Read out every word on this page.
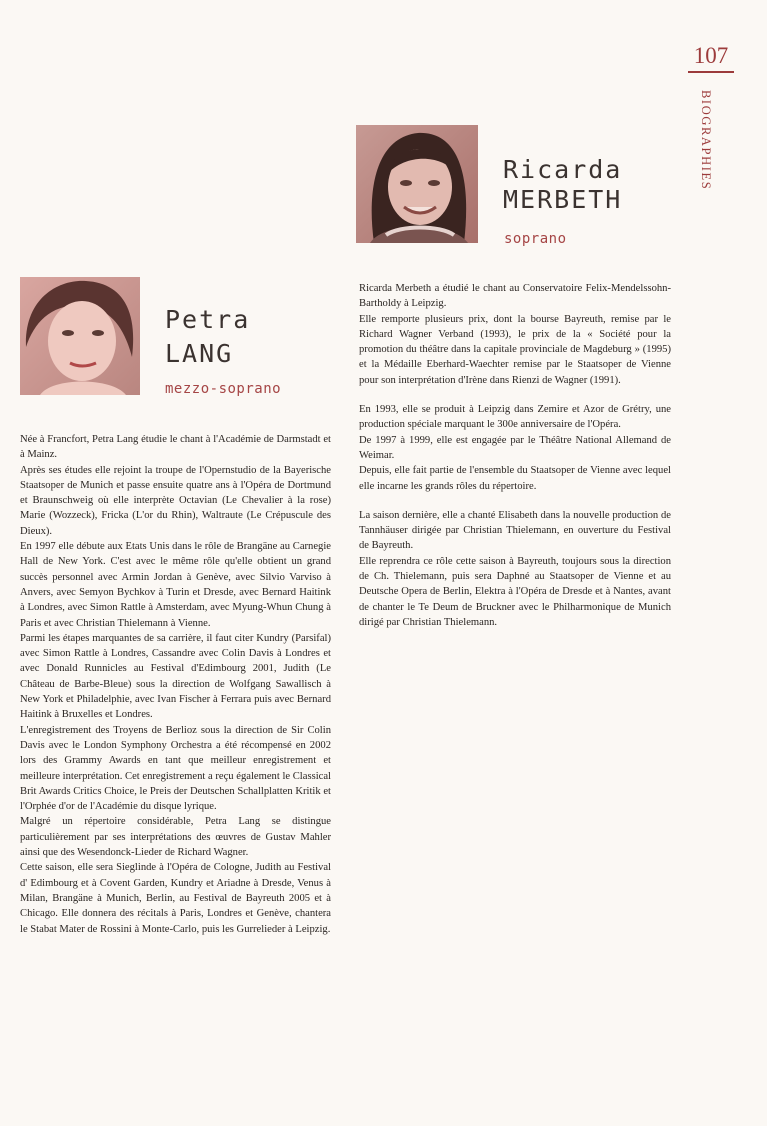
107
BIOGRAPHIES
Ricarda
MERBETH
soprano
Petra
LANG
mezzo-soprano

Ricarda Merbeth a étudié le chant au Conservatoire Felix-Mendelssohn-Bartholdy à Leipzig.

Elle remporte plusieurs prix, dont la bourse Bayreuth, remise par le Richard Wagner Verband (1993), le prix de la « Société pour la promotion du théâtre dans la capitale provinciale de Magdeburg » (1995) et la Médaille Eberhard-Waechter remise par le Staatsoper de Vienne pour son interprétation d'Irène dans Rienzi de Wagner (1991).

En 1993, elle se produit à Leipzig dans Zemire et Azor de Grétry, une production spéciale marquant le 300e anniversaire de l'Opéra.

De 1997 à 1999, elle est engagée par le Théâtre National Allemand de Weimar.

Depuis, elle fait partie de l'ensemble du Staatsoper de Vienne avec lequel elle incarne les grands rôles du répertoire.

La saison dernière, elle a chanté Elisabeth dans la nouvelle production de Tannhäuser dirigée par Christian Thielemann, en ouverture du Festival de Bayreuth.

Elle reprendra ce rôle cette saison à Bayreuth, toujours sous la direction de Ch. Thielemann, puis sera Daphné au Staatsoper de Vienne et au Deutsche Opera de Berlin, Elektra à l'Opéra de Dresde et à Nantes, avant de chanter le Te Deum de Bruckner avec le Philharmonique de Munich dirigé par Christian Thielemann.

Née à Francfort, Petra Lang étudie le chant à l'Académie de Darmstadt et à Mainz.

Après ses études elle rejoint la troupe de l'Opernstudio de la Bayerische Staatsoper de Munich et passe ensuite quatre ans à l'Opéra de Dortmund et Braunschweig où elle interprète Octavian (Le Chevalier à la rose) Marie (Wozzeck), Fricka (L'or du Rhin), Waltraute (Le Crépuscule des Dieux).

En 1997 elle débute aux Etats Unis dans le rôle de Brangäne au Carnegie Hall de New York. C'est avec le même rôle qu'elle obtient un grand succès personnel avec Armin Jordan à Genève, avec Silvio Varviso à Anvers, avec Semyon Bychkov à Turin et Dresde, avec Bernard Haitink à Londres, avec Simon Rattle à Amsterdam, avec Myung-Whun Chung à Paris et avec Christian Thielemann à Vienne.

Parmi les étapes marquantes de sa carrière, il faut citer Kundry (Parsifal) avec Simon Rattle à Londres, Cassandre avec Colin Davis à Londres et avec Donald Runnicles au Festival d'Edimbourg 2001, Judith (Le Château de Barbe-Bleue) sous la direction de Wolfgang Sawallisch à New York et Philadelphie, avec Ivan Fischer à Ferrara puis avec Bernard Haitink à Bruxelles et Londres.

L'enregistrement des Troyens de Berlioz sous la direction de Sir Colin Davis avec le London Symphony Orchestra a été récompensé en 2002 lors des Grammy Awards en tant que meilleur enregistrement et meilleure interprétation. Cet enregistrement a reçu également le Classical Brit Awards Critics Choice, le Preis der Deutschen Schallplatten Kritik et l'Orphée d'or de l'Académie du disque lyrique.

Malgré un répertoire considérable, Petra Lang se distingue particulièrement par ses interprétations des œuvres de Gustav Mahler ainsi que des Wesendonck-Lieder de Richard Wagner.

Cette saison, elle sera Sieglinde à l'Opéra de Cologne, Judith au Festival d' Edimbourg et à Covent Garden, Kundry et Ariadne à Dresde, Venus à Milan, Brangäne à Munich, Berlin, au Festival de Bayreuth 2005 et à Chicago. Elle donnera des récitals à Paris, Londres et Genève, chantera le Stabat Mater de Rossini à Monte-Carlo, puis les Gurrelieder à Leipzig.
